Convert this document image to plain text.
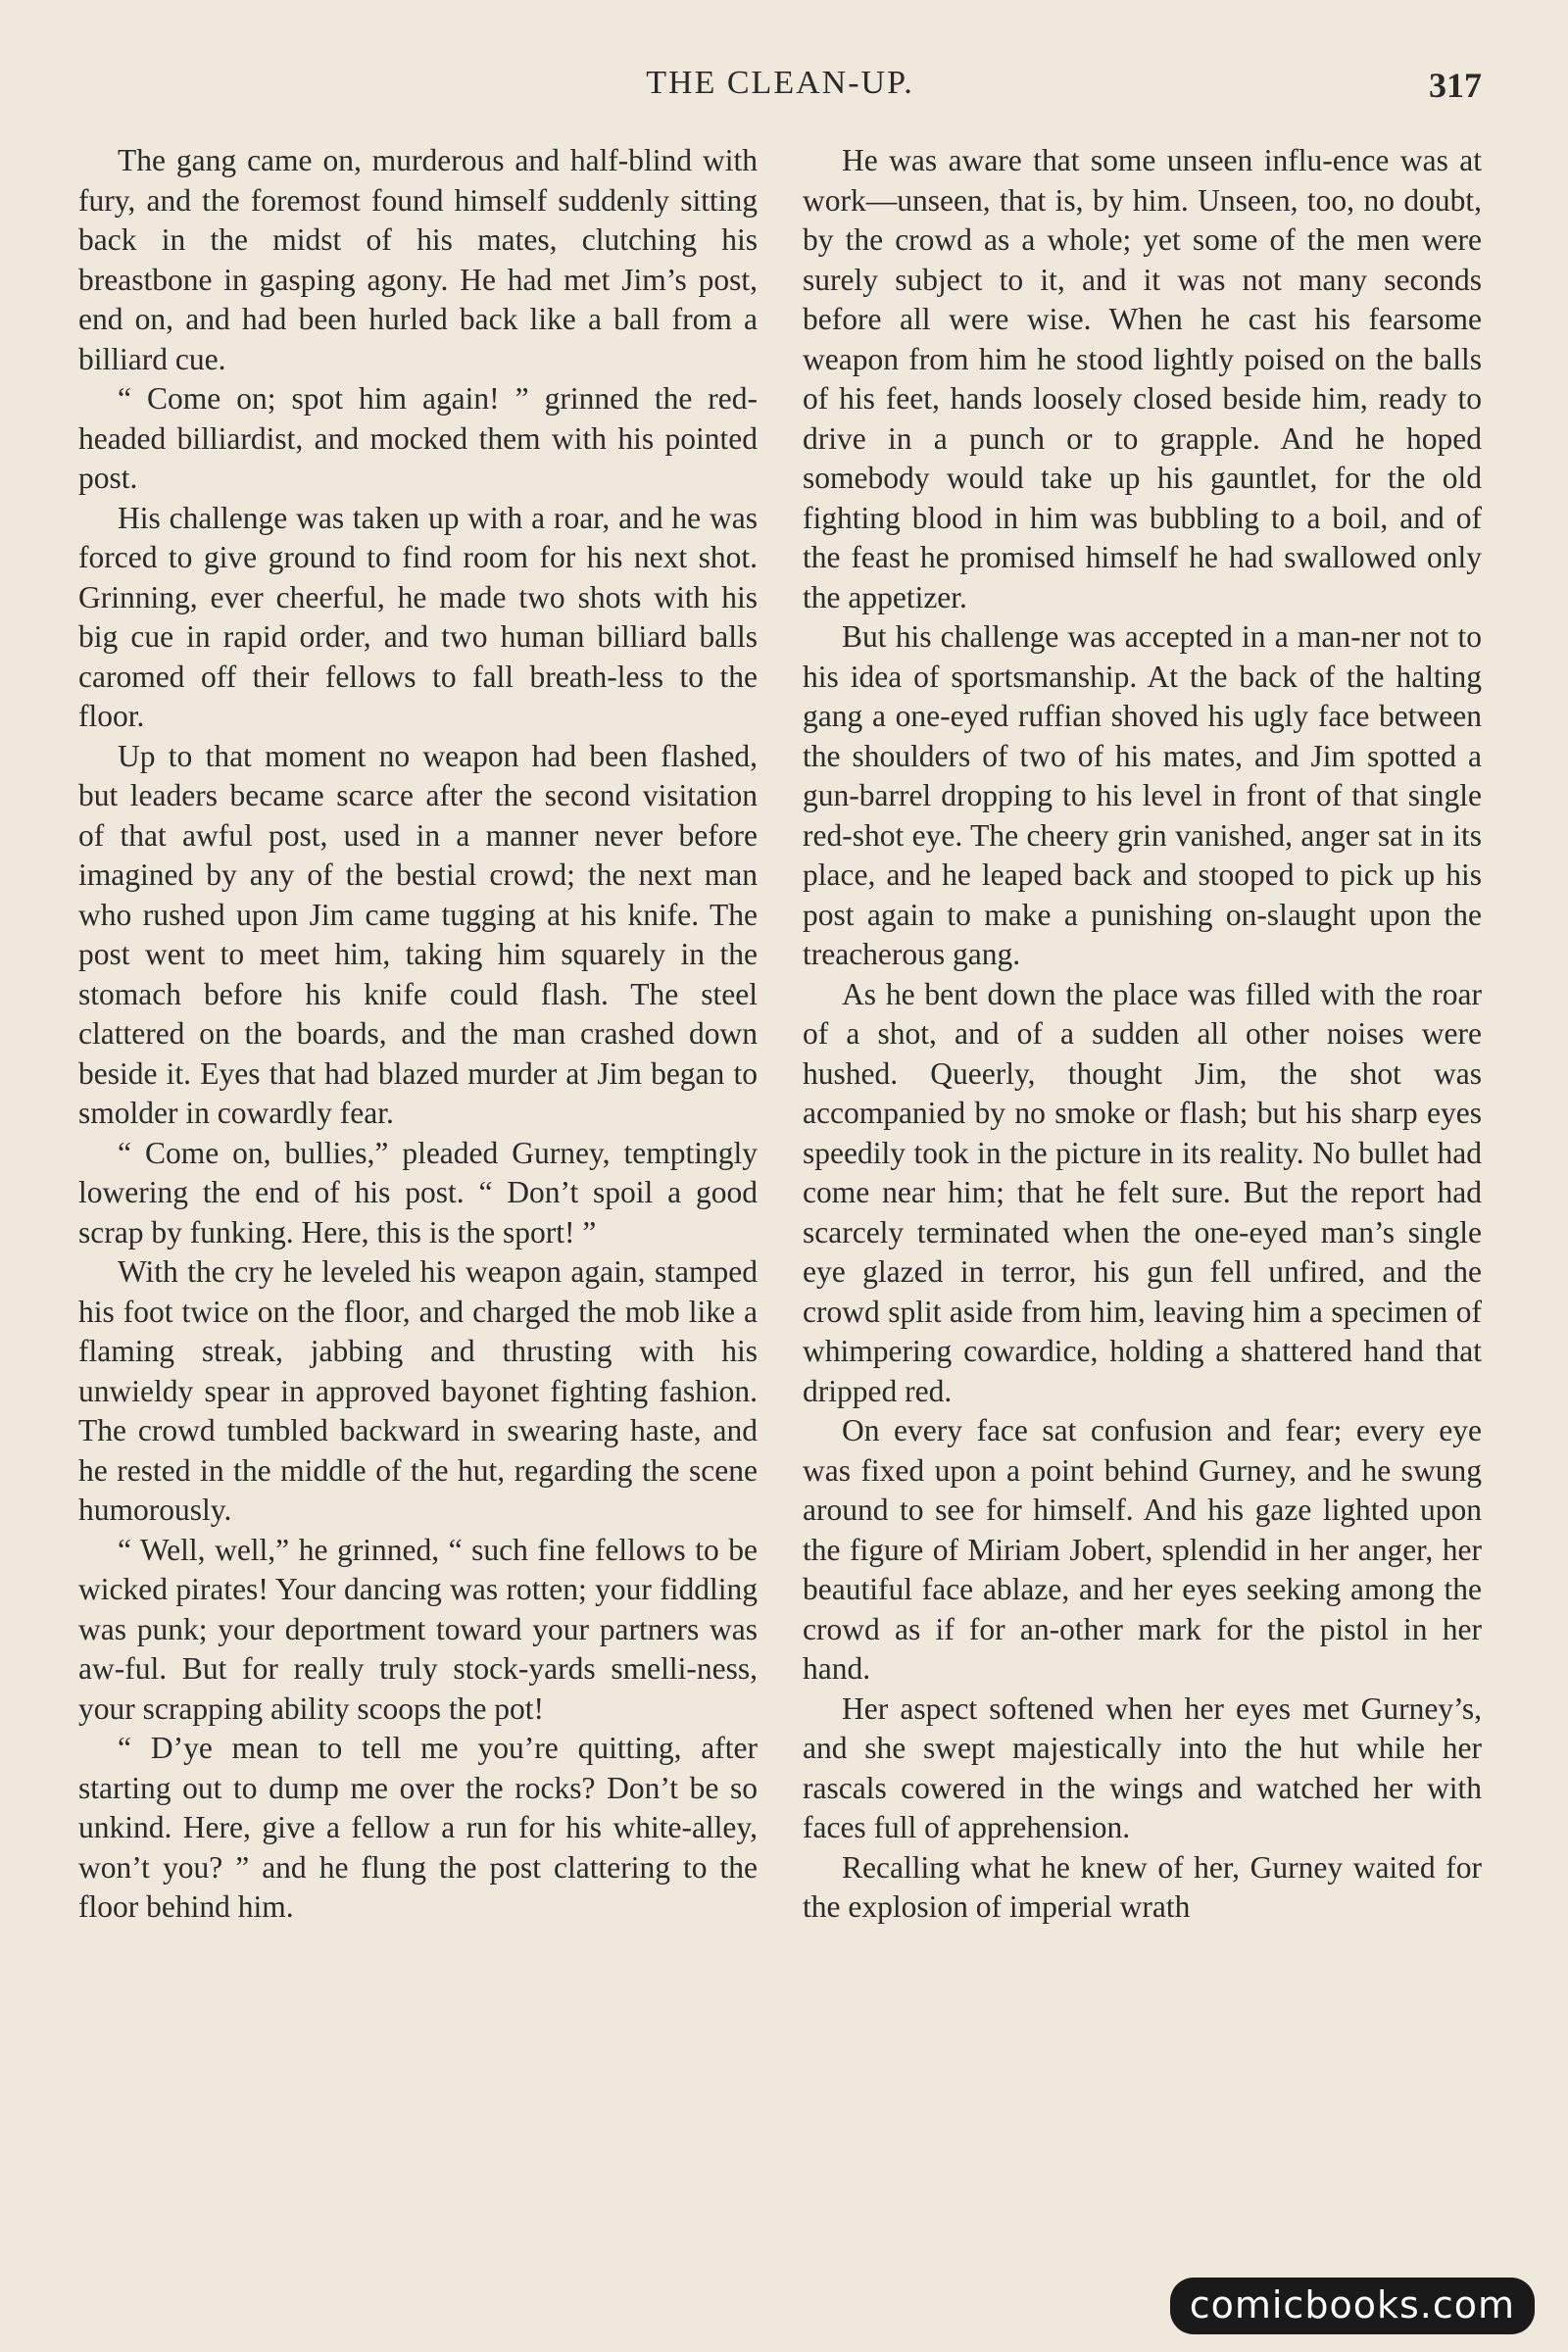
THE CLEAN-UP.	317

The gang came on, murderous and half-blind with fury, and the foremost found himself suddenly sitting back in the midst of his mates, clutching his breastbone in gasping agony. He had met Jim’s post, end on, and had been hurled back like a ball from a billiard cue.

“ Come on; spot him again! ” grinned the red-headed billiardist, and mocked them with his pointed post.

His challenge was taken up with a roar, and he was forced to give ground to find room for his next shot. Grinning, ever cheerful, he made two shots with his big cue in rapid order, and two human billiard balls caromed off their fellows to fall breath-less to the floor.

Up to that moment no weapon had been flashed, but leaders became scarce after the second visitation of that awful post, used in a manner never before imagined by any of the bestial crowd; the next man who rushed upon Jim came tugging at his knife. The post went to meet him, taking him squarely in the stomach before his knife could flash. The steel clattered on the boards, and the man crashed down beside it. Eyes that had blazed murder at Jim began to smolder in cowardly fear.

“ Come on, bullies,” pleaded Gurney, temptingly lowering the end of his post. “ Don’t spoil a good scrap by funking. Here, this is the sport! ”

With the cry he leveled his weapon again, stamped his foot twice on the floor, and charged the mob like a flaming streak, jabbing and thrusting with his unwieldy spear in approved bayonet fighting fashion. The crowd tumbled backward in swearing haste, and he rested in the middle of the hut, regarding the scene humorously.

“ Well, well,” he grinned, “ such fine fellows to be wicked pirates! Your dancing was rotten; your fiddling was punk; your deportment toward your partners was aw-ful. But for really truly stock-yards smelli-ness, your scrapping ability scoops the pot!

“ D’ye mean to tell me you’re quitting, after starting out to dump me over the rocks? Don’t be so unkind. Here, give a fellow a run for his white-alley, won’t you? ” and he flung the post clattering to the floor behind him.

He was aware that some unseen influ-ence was at work—unseen, that is, by him. Unseen, too, no doubt, by the crowd as a whole; yet some of the men were surely subject to it, and it was not many seconds before all were wise. When he cast his fearsome weapon from him he stood lightly poised on the balls of his feet, hands loosely closed beside him, ready to drive in a punch or to grapple. And he hoped somebody would take up his gauntlet, for the old fighting blood in him was bubbling to a boil, and of the feast he promised himself he had swallowed only the appetizer.

But his challenge was accepted in a man-ner not to his idea of sportsmanship. At the back of the halting gang a one-eyed ruffian shoved his ugly face between the shoulders of two of his mates, and Jim spotted a gun-barrel dropping to his level in front of that single red-shot eye. The cheery grin vanished, anger sat in its place, and he leaped back and stooped to pick up his post again to make a punishing on-slaught upon the treacherous gang.

As he bent down the place was filled with the roar of a shot, and of a sudden all other noises were hushed. Queerly, thought Jim, the shot was accompanied by no smoke or flash; but his sharp eyes speedily took in the picture in its reality. No bullet had come near him; that he felt sure. But the report had scarcely terminated when the one-eyed man’s single eye glazed in terror, his gun fell unfired, and the crowd split aside from him, leaving him a specimen of whimpering cowardice, holding a shattered hand that dripped red.

On every face sat confusion and fear; every eye was fixed upon a point behind Gurney, and he swung around to see for himself. And his gaze lighted upon the figure of Miriam Jobert, splendid in her anger, her beautiful face ablaze, and her eyes seeking among the crowd as if for an-other mark for the pistol in her hand.

Her aspect softened when her eyes met Gurney’s, and she swept majestically into the hut while her rascals cowered in the wings and watched her with faces full of apprehension.

Recalling what he knew of her, Gurney waited for the explosion of imperial wrath

comicbooks.com
